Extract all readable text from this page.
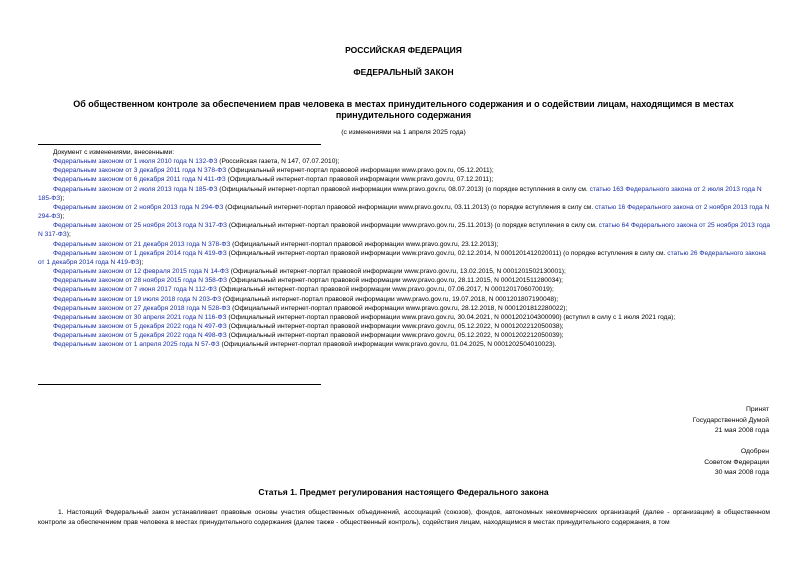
РОССИЙСКАЯ ФЕДЕРАЦИЯ
ФЕДЕРАЛЬНЫЙ ЗАКОН
Об общественном контроле за обеспечением прав человека в местах принудительного содержания и о содействии лицам, находящимся в местах принудительного содержания
(с изменениями на 1 апреля 2025 года)
Документ с изменениями, внесенными:
Федеральным законом от 1 июля 2010 года N 132-ФЗ (Российская газета, N 147, 07.07.2010);
Федеральным законом от 3 декабря 2011 года N 378-ФЗ (Официальный интернет-портал правовой информации www.pravo.gov.ru, 05.12.2011);
Федеральным законом от 6 декабря 2011 года N 411-ФЗ (Официальный интернет-портал правовой информации www.pravo.gov.ru, 07.12.2011);
Федеральным законом от 2 июля 2013 года N 185-ФЗ (Официальный интернет-портал правовой информации www.pravo.gov.ru, 08.07.2013) (о порядке вступления в силу см. статью 163 Федерального закона от 2 июля 2013 года N 185-ФЗ);
Федеральным законом от 2 ноября 2013 года N 294-ФЗ (Официальный интернет-портал правовой информации www.pravo.gov.ru, 03.11.2013) (о порядке вступления в силу см. статью 16 Федерального закона от 2 ноября 2013 года N 294-ФЗ);
Федеральным законом от 25 ноября 2013 года N 317-ФЗ (Официальный интернет-портал правовой информации www.pravo.gov.ru, 25.11.2013) (о порядке вступления в силу см. статью 64 Федерального закона от 25 ноября 2013 года N 317-ФЗ);
Федеральным законом от 21 декабря 2013 года N 378-ФЗ (Официальный интернет-портал правовой информации www.pravo.gov.ru, 23.12.2013);
Федеральным законом от 1 декабря 2014 года N 419-ФЗ (Официальный интернет-портал правовой информации www.pravo.gov.ru, 02.12.2014, N 0001201412020011) (о порядке вступления в силу см. статью 26 Федерального закона от 1 декабря 2014 года N 419-ФЗ);
Федеральным законом от 12 февраля 2015 года N 14-ФЗ (Официальный интернет-портал правовой информации www.pravo.gov.ru, 13.02.2015, N 0001201502130001);
Федеральным законом от 28 ноября 2015 года N 358-ФЗ (Официальный интернет-портал правовой информации www.pravo.gov.ru, 28.11.2015, N 0001201511280034);
Федеральным законом от 7 июня 2017 года N 112-ФЗ (Официальный интернет-портал правовой информации www.pravo.gov.ru, 07.06.2017, N 0001201706070019);
Федеральным законом от 19 июля 2018 года N 203-ФЗ (Официальный интернет-портал правовой информации www.pravo.gov.ru, 19.07.2018, N 0001201807190048);
Федеральным законом от 27 декабря 2018 года N 528-ФЗ (Официальный интернет-портал правовой информации www.pravo.gov.ru, 28.12.2018, N 0001201812280022);
Федеральным законом от 30 апреля 2021 года N 116-ФЗ (Официальный интернет-портал правовой информации www.pravo.gov.ru, 30.04.2021, N 0001202104300090) (вступил в силу с 1 июля 2021 года);
Федеральным законом от 5 декабря 2022 года N 497-ФЗ (Официальный интернет-портал правовой информации www.pravo.gov.ru, 05.12.2022, N 0001202212050038);
Федеральным законом от 5 декабря 2022 года N 498-ФЗ (Официальный интернет-портал правовой информации www.pravo.gov.ru, 05.12.2022, N 0001202212050039);
Федеральным законом от 1 апреля 2025 года N 57-ФЗ (Официальный интернет-портал правовой информации www.pravo.gov.ru, 01.04.2025, N 0001202504010023).
Принят
Государственной Думой
21 мая 2008 года
Одобрен
Советом Федерации
30 мая 2008 года
Статья 1. Предмет регулирования настоящего Федерального закона
1. Настоящий Федеральный закон устанавливает правовые основы участия общественных объединений, ассоциаций (союзов), фондов, автономных некоммерческих организаций (далее - организации) в общественном контроле за обеспечением прав человека в местах принудительного содержания (далее также - общественный контроль), содействия лицам, находящимся в местах принудительного содержания, в том
